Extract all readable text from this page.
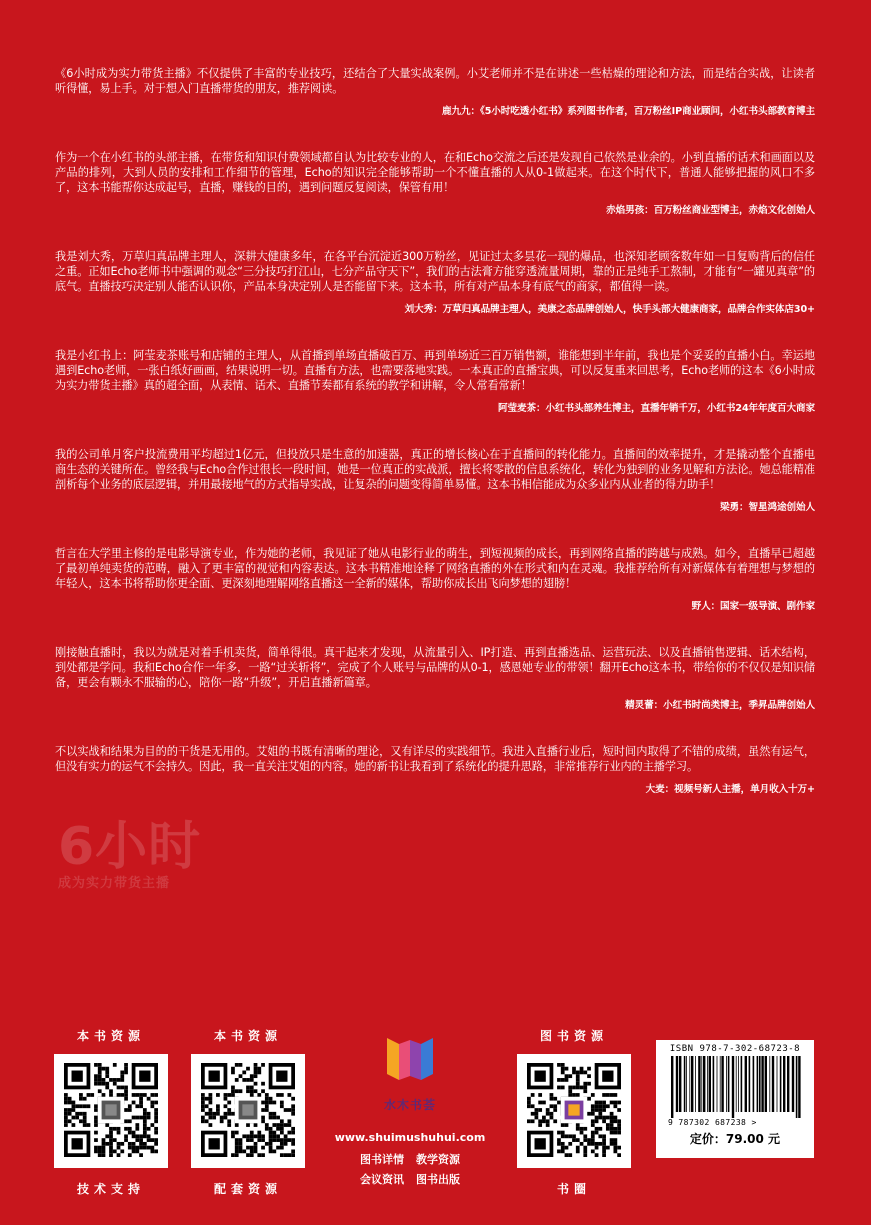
《6小时成为实力带货主播》不仅提供了丰富的专业技巧，还结合了大量实战案例。小艾老师并不是在讲述一些枯燥的理论和方法，而是结合实战，让读者听得懂，易上手。对于想入门直播带货的朋友，推荐阅读。

鹿九九：《5小时吃透小红书》系列图书作者，百万粉丝IP商业顾问，小红书头部教育博主

作为一个在小红书的头部主播，在带货和知识付费领域都自认为比较专业的人，在和Echo交流之后还是发现自己依然是业余的。小到直播的话术和画面以及产品的排列，大到人员的安排和工作细节的管理，Echo的知识完全能够帮助一个不懂直播的人从0-1做起来。在这个时代下，普通人能够把握的风口不多了，这本书能帮你达成起号，直播，赚钱的目的，遇到问题反复阅读，保管有用！

赤焰男孩：百万粉丝商业型博主，赤焰文化创始人

我是刘大秀，万草归真品牌主理人，深耕大健康多年，在各平台沉淀近300万粉丝，见证过太多昙花一现的爆品，也深知老顾客数年如一日复购背后的信任之重。正如Echo老师书中强调的观念“三分技巧打江山，七分产品守天下”，我们的古法膏方能穿透流量周期，靠的正是纯手工熬制，才能有“一罐见真章”的底气。直播技巧决定别人能否认识你，产品本身决定别人是否能留下来。这本书，所有对产品本身有底气的商家，都值得一读。

刘大秀：万草归真品牌主理人，美康之态品牌创始人，快手头部大健康商家，品牌合作实体店30+

我是小红书上：阿莹麦茶账号和店铺的主理人，从首播到单场直播破百万、再到单场近三百万销售额，谁能想到半年前，我也是个妥妥的直播小白。幸运地遇到Echo老师，一张白纸好画画，结果说明一切。直播有方法，也需要落地实践。一本真正的直播宝典，可以反复重来回思考，Echo老师的这本《6小时成为实力带货主播》真的超全面，从表情、话术、直播节奏都有系统的教学和讲解，令人常看常新！

阿莹麦茶：小红书头部养生博主，直播年销千万，小红书24年年度百大商家

我的公司单月客户投流费用平均超过1亿元，但投放只是生意的加速器，真正的增长核心在于直播间的转化能力。直播间的效率提升，才是撬动整个直播电商生态的关键所在。曾经我与Echo合作过很长一段时间，她是一位真正的实战派，擅长将零散的信息系统化，转化为独到的业务见解和方法论。她总能精准剖析每个业务的底层逻辑，并用最接地气的方式指导实战，让复杂的问题变得简单易懂。这本书相信能成为众多业内从业者的得力助手！

梁勇：智星鸿途创始人

哲言在大学里主修的是电影导演专业，作为她的老师，我见证了她从电影行业的萌生，到短视频的成长，再到网络直播的跨越与成熟。如今，直播早已超越了最初单纯卖货的范畴，融入了更丰富的视觉和内容表达。这本书精准地诠释了网络直播的外在形式和内在灵魂。我推荐给所有对新媒体有着理想与梦想的年轻人，这本书将帮助你更全面、更深刻地理解网络直播这一全新的媒体，帮助你成长出飞向梦想的翅膀！

野人：国家一级导演、剧作家

刚接触直播时，我以为就是对着手机卖货，简单得很。真干起来才发现，从流量引入、IP打造、再到直播选品、运营玩法、以及直播销售逻辑、话术结构，到处都是学问。我和Echo合作一年多，一路“过关斩将”，完成了个人账号与品牌的从0-1，感恩她专业的带领！翻开Echo这本书，带给你的不仅仅是知识储备，更会有颗永不服输的心，陪你一路“升级”，开启直播新篇章。

精灵蕾：小红书时尚类博主，季昇品牌创始人

不以实战和结果为目的的干货是无用的。艾姐的书既有清晰的理论，又有详尽的实践细节。我进入直播行业后，短时间内取得了不错的成绩，虽然有运气，但没有实力的运气不会持久。因此，我一直关注艾姐的内容。她的新书让我看到了系统化的提升思路，非常推荐行业内的主播学习。

大麦：视频号新人主播，单月收入十万+

6小时
成为实力带货主播
本书资源
技术支持
本书资源
配套资源
图书资源
书圈
水木书荟
www.shuimushuhui.com
图书详情 教学资源
会议资讯 图书出版
ISBN 978-7-302-68723-8
9 787302 687238 >
定价：79.00 元
